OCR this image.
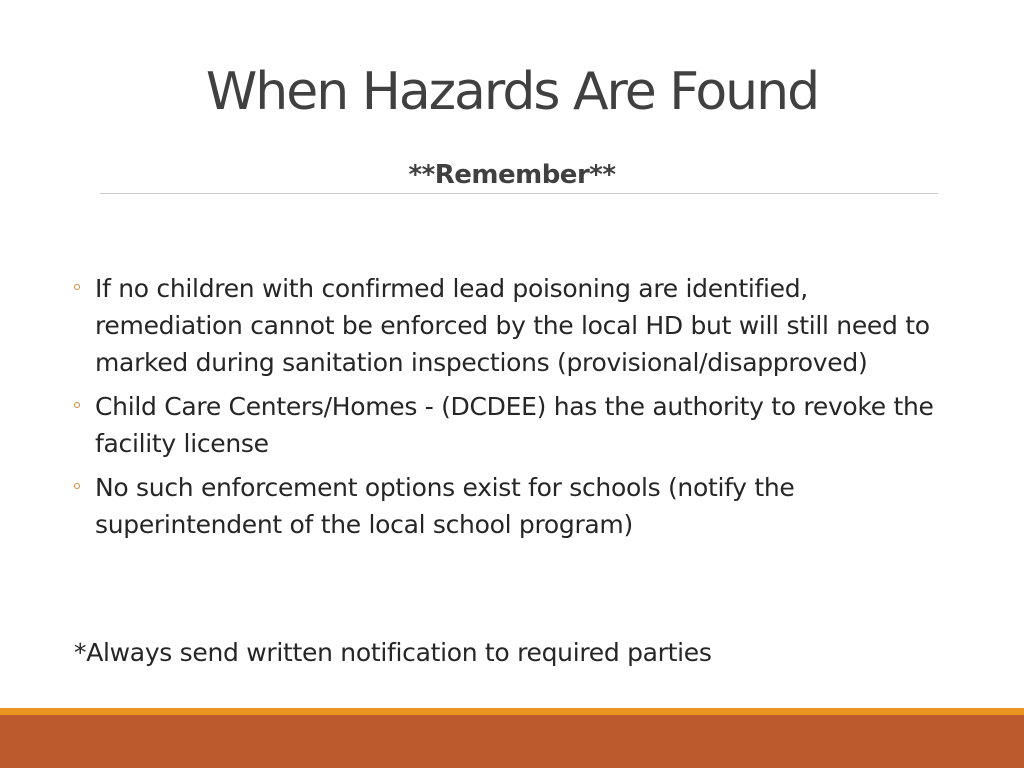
When Hazards Are Found
**Remember**
If no children with confirmed lead poisoning are identified, remediation cannot be enforced by the local HD but will still need to marked during sanitation inspections (provisional/disapproved)
Child Care Centers/Homes - (DCDEE) has the authority to revoke the facility license
No such enforcement options exist for schools (notify the superintendent of the local school program)
*Always send written notification to required parties
